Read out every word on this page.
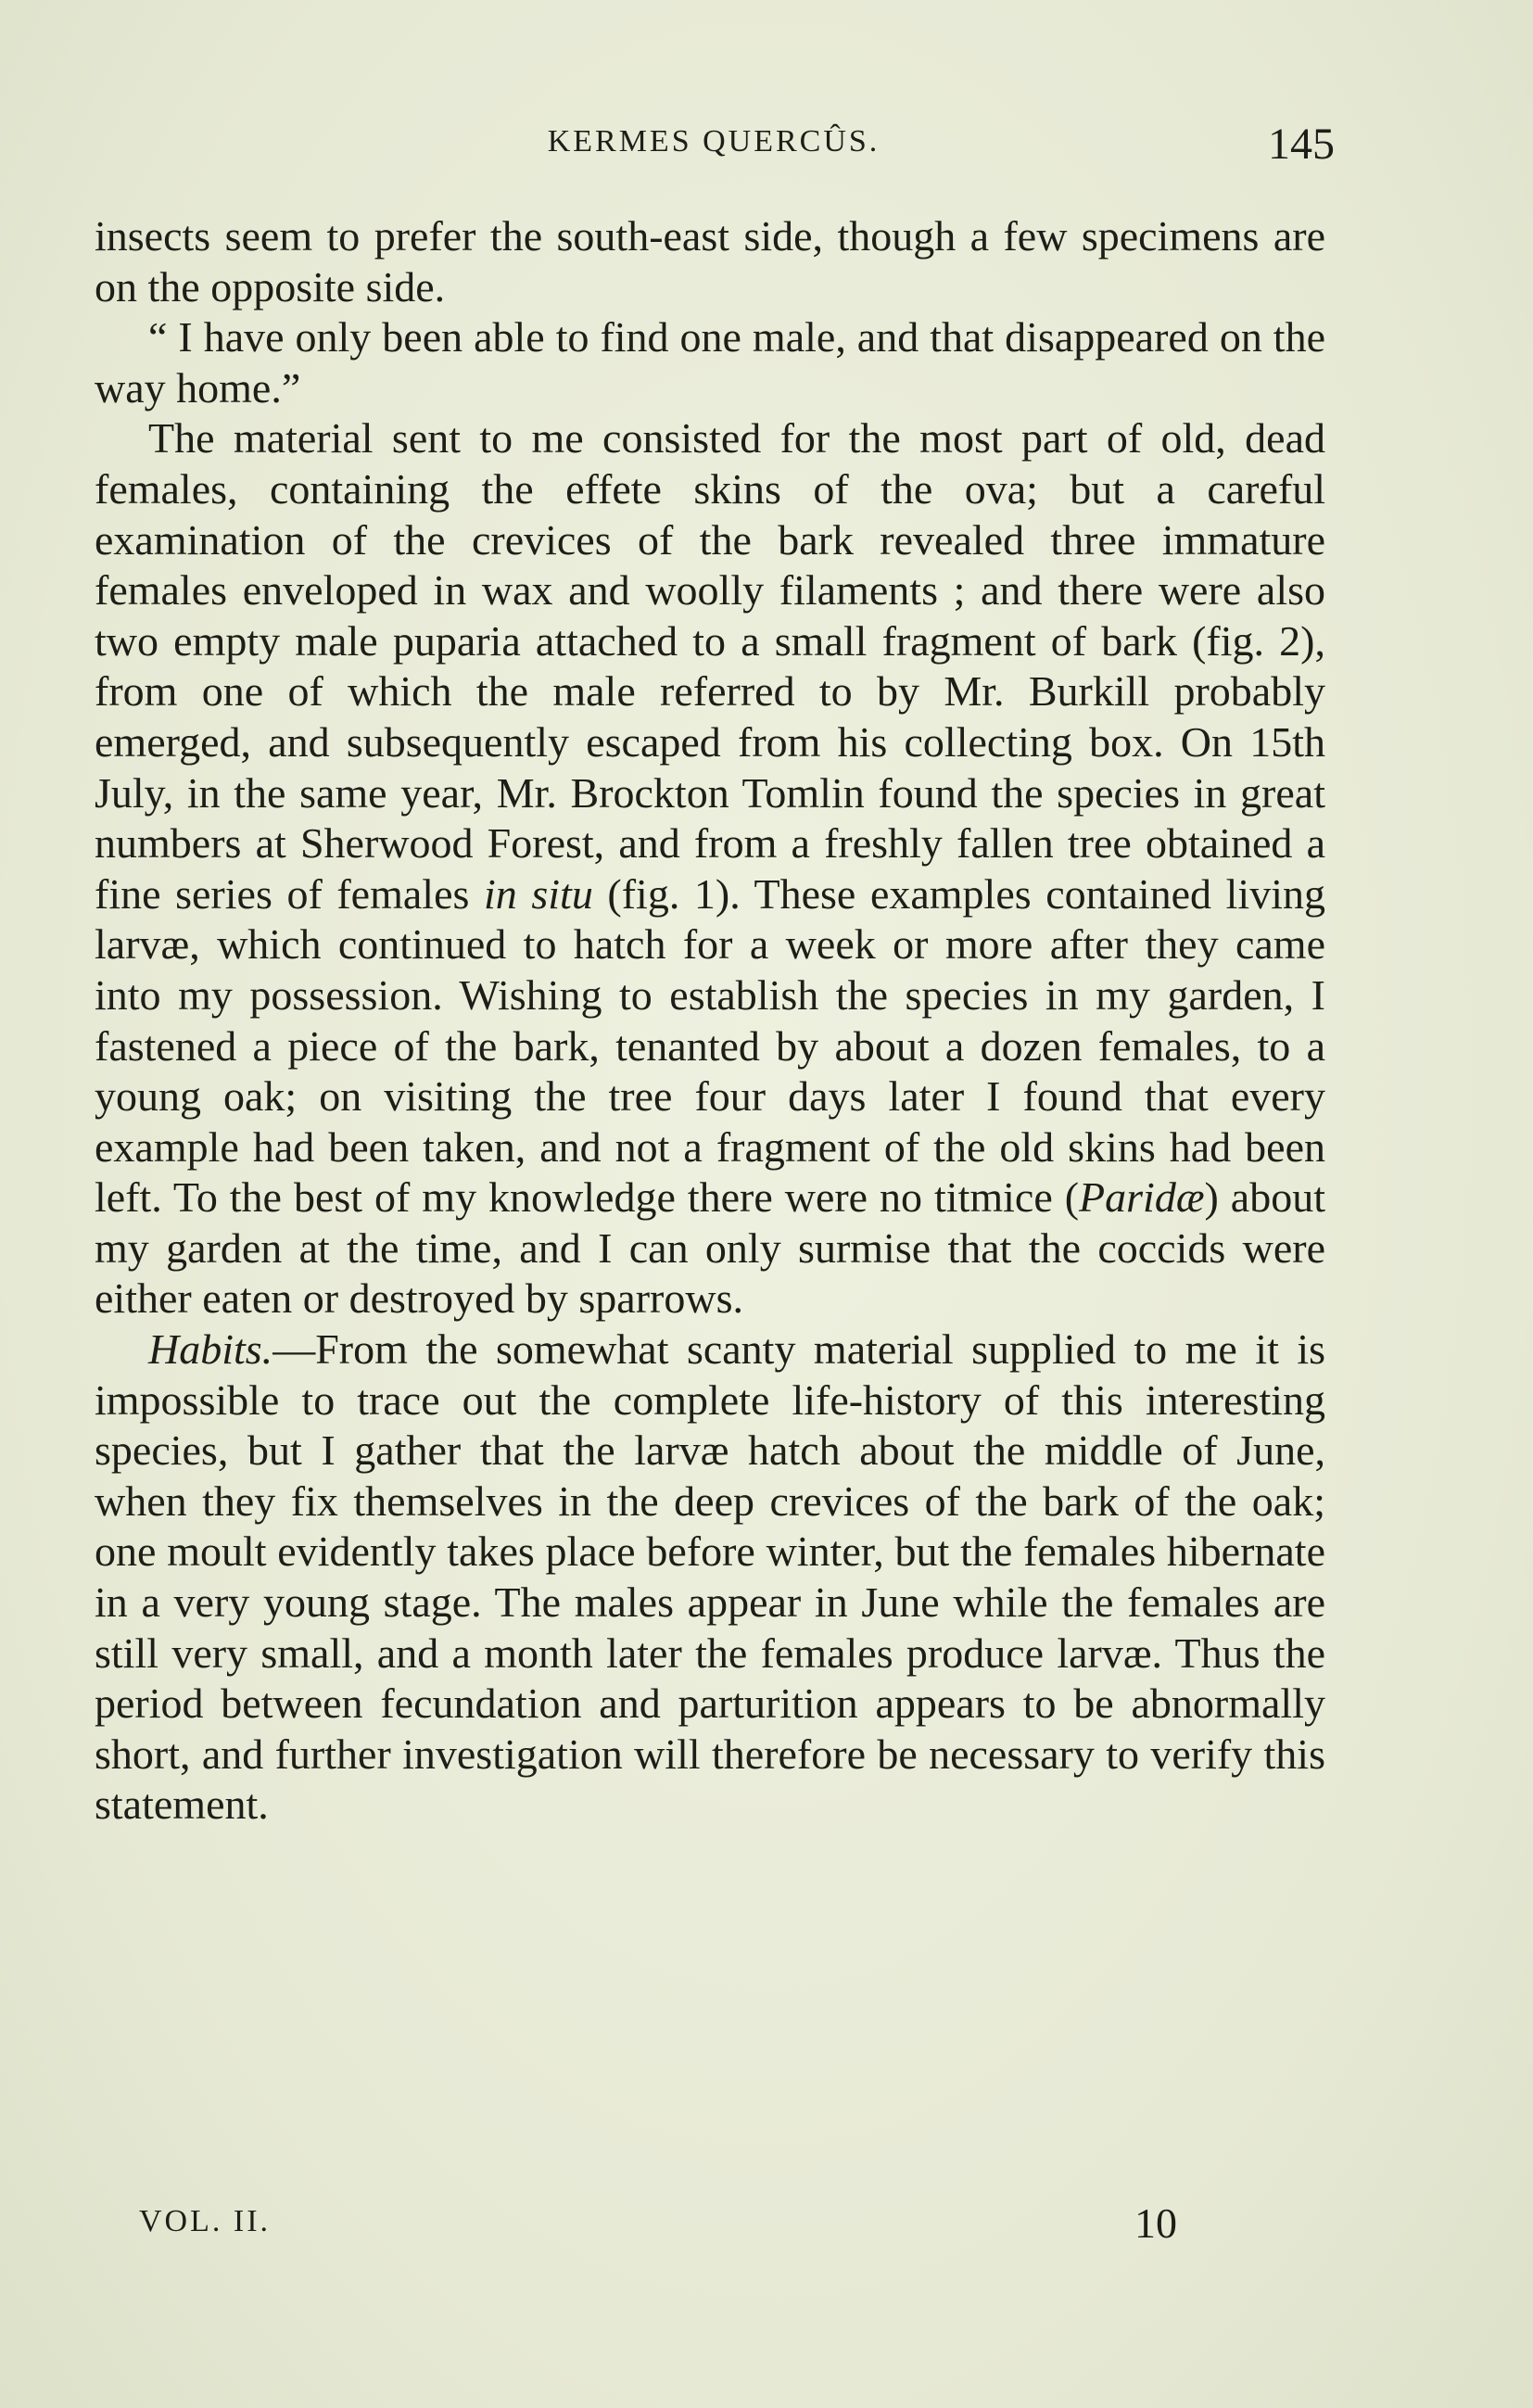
KERMES QUERCÛS.	145

insects seem to prefer the south-east side, though a few specimens are on the opposite side.

“ I have only been able to find one male, and that disappeared on the way home.”

The material sent to me consisted for the most part of old, dead females, containing the effete skins of the ova; but a careful examination of the crevices of the bark revealed three immature females enveloped in wax and woolly filaments ; and there were also two empty male puparia attached to a small fragment of bark (fig. 2), from one of which the male referred to by Mr. Burkill probably emerged, and subsequently escaped from his collecting box. On 15th July, in the same year, Mr. Brockton Tomlin found the species in great numbers at Sherwood Forest, and from a freshly fallen tree obtained a fine series of females in situ (fig. 1). These examples contained living larvæ, which continued to hatch for a week or more after they came into my possession. Wishing to establish the species in my garden, I fastened a piece of the bark, tenanted by about a dozen females, to a young oak; on visiting the tree four days later I found that every example had been taken, and not a fragment of the old skins had been left. To the best of my knowledge there were no titmice (Paridæ) about my garden at the time, and I can only surmise that the coccids were either eaten or destroyed by sparrows.

Habits.—From the somewhat scanty material supplied to me it is impossible to trace out the complete life-history of this interesting species, but I gather that the larvæ hatch about the middle of June, when they fix themselves in the deep crevices of the bark of the oak; one moult evidently takes place before winter, but the females hibernate in a very young stage. The males appear in June while the females are still very small, and a month later the females produce larvæ. Thus the period between fecundation and parturition appears to be abnormally short, and further investigation will therefore be necessary to verify this statement.

VOL. II.	10
